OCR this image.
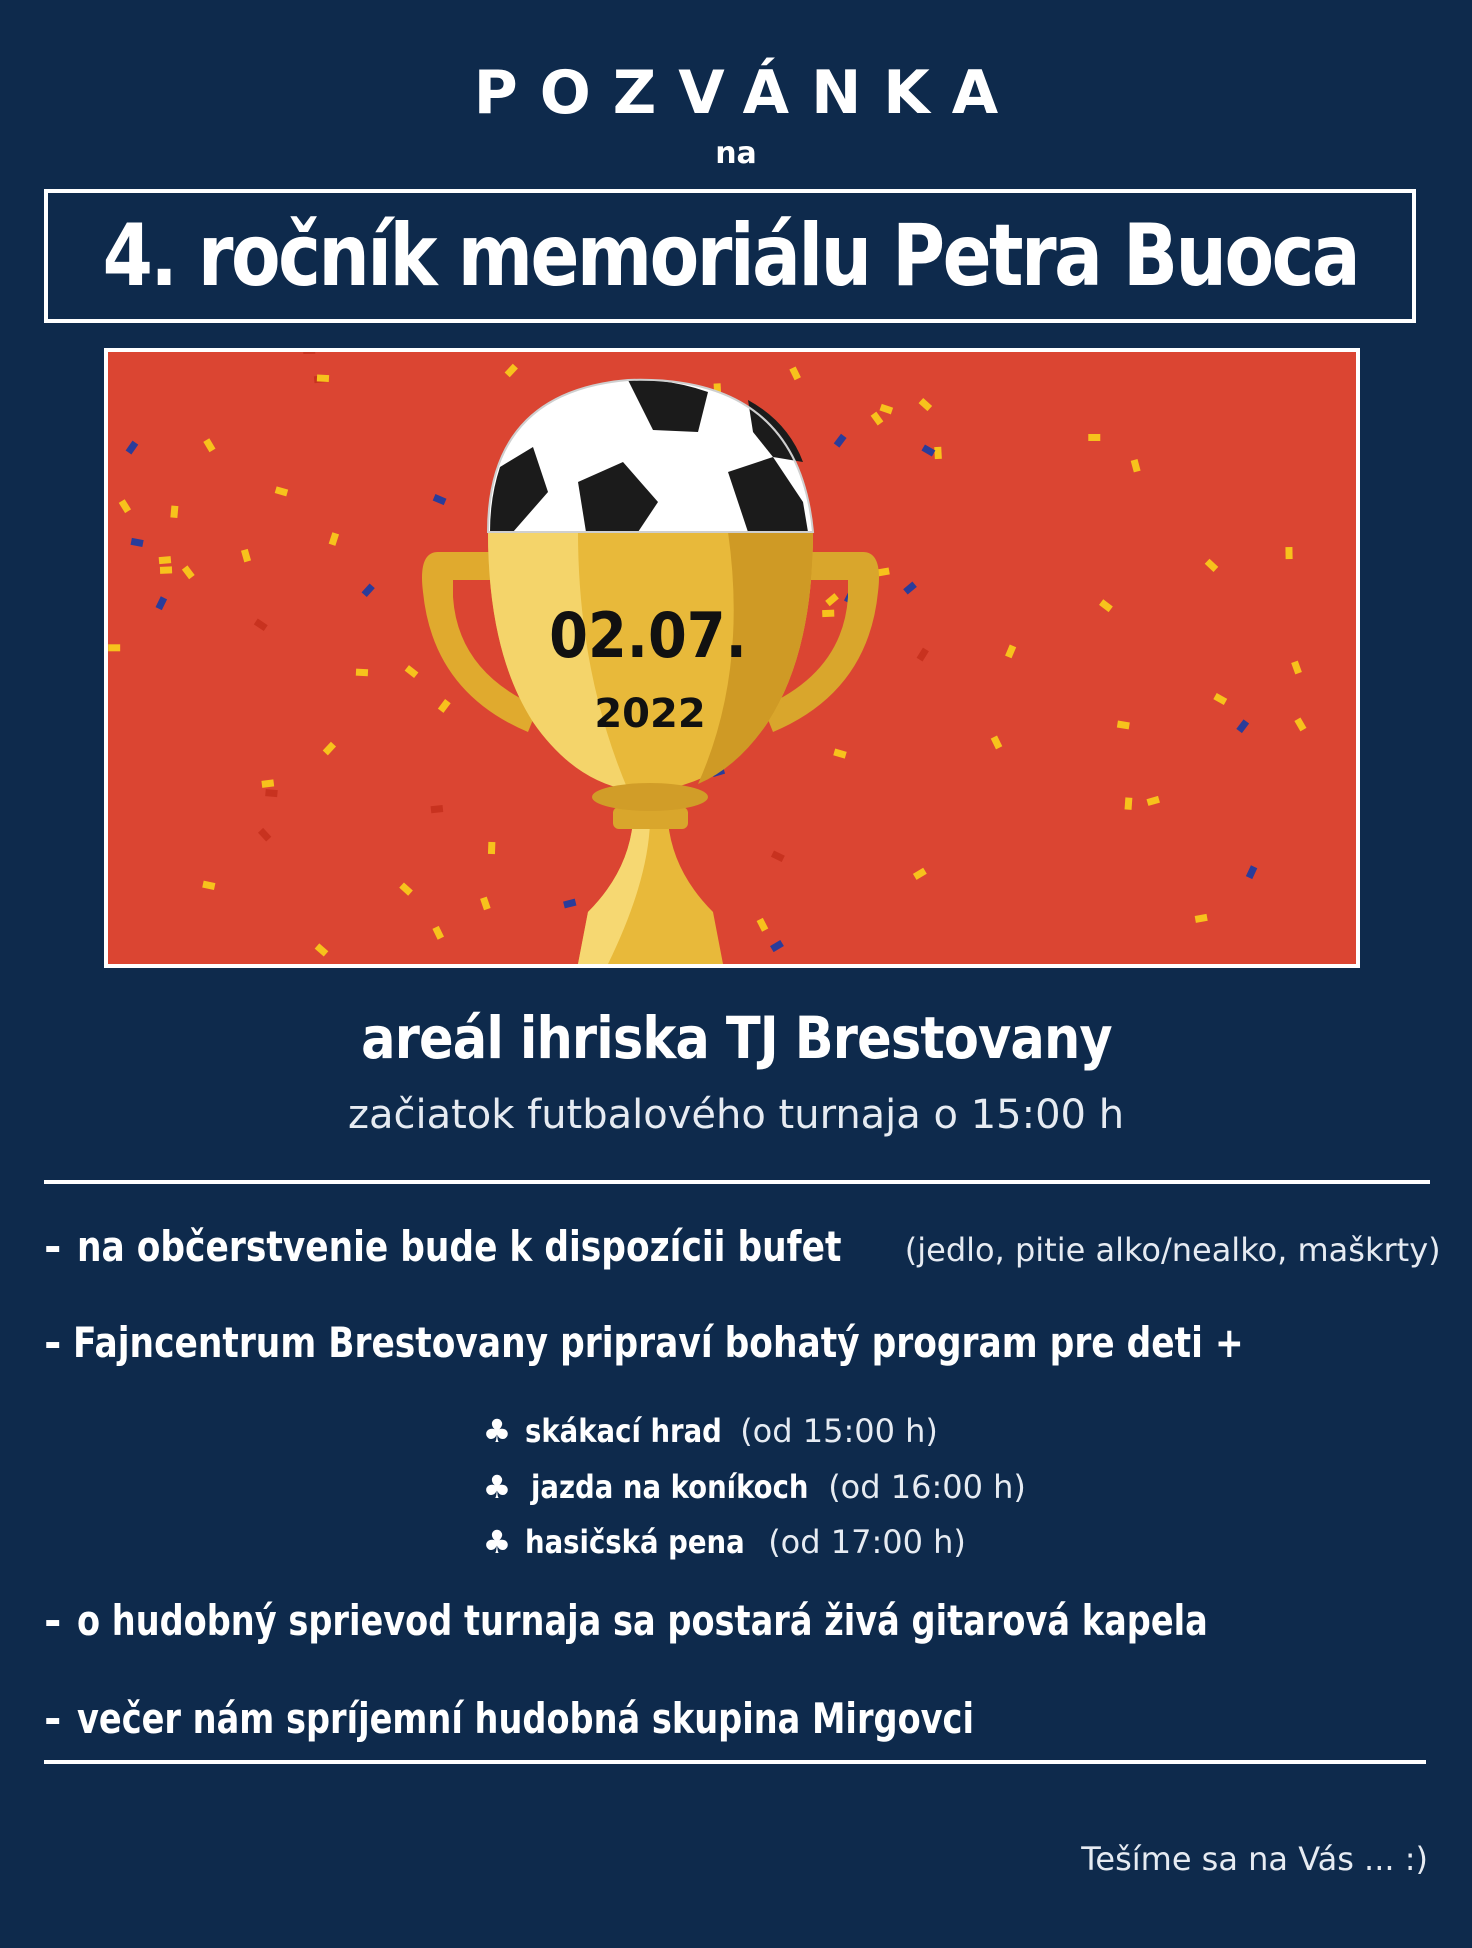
POZVÁNKA
na
4. ročník memoriálu Petra Buoca
02.07.
2022
areál ihriska TJ Brestovany
začiatok futbalového turnaja o 15:00 h
- na občerstvenie bude k dispozícii bufet (jedlo, pitie alko/nealko, maškrty)
- Fajncentrum Brestovany pripraví bohatý program pre deti +
♣ skákací hrad (od 15:00 h)
♣ jazda na koníkoch (od 16:00 h)
♣ hasičská pena (od 17:00 h)
- o hudobný sprievod turnaja sa postará živá gitarová kapela
- večer nám spríjemní hudobná skupina Mirgovci
Tešíme sa na Vás ... :)
